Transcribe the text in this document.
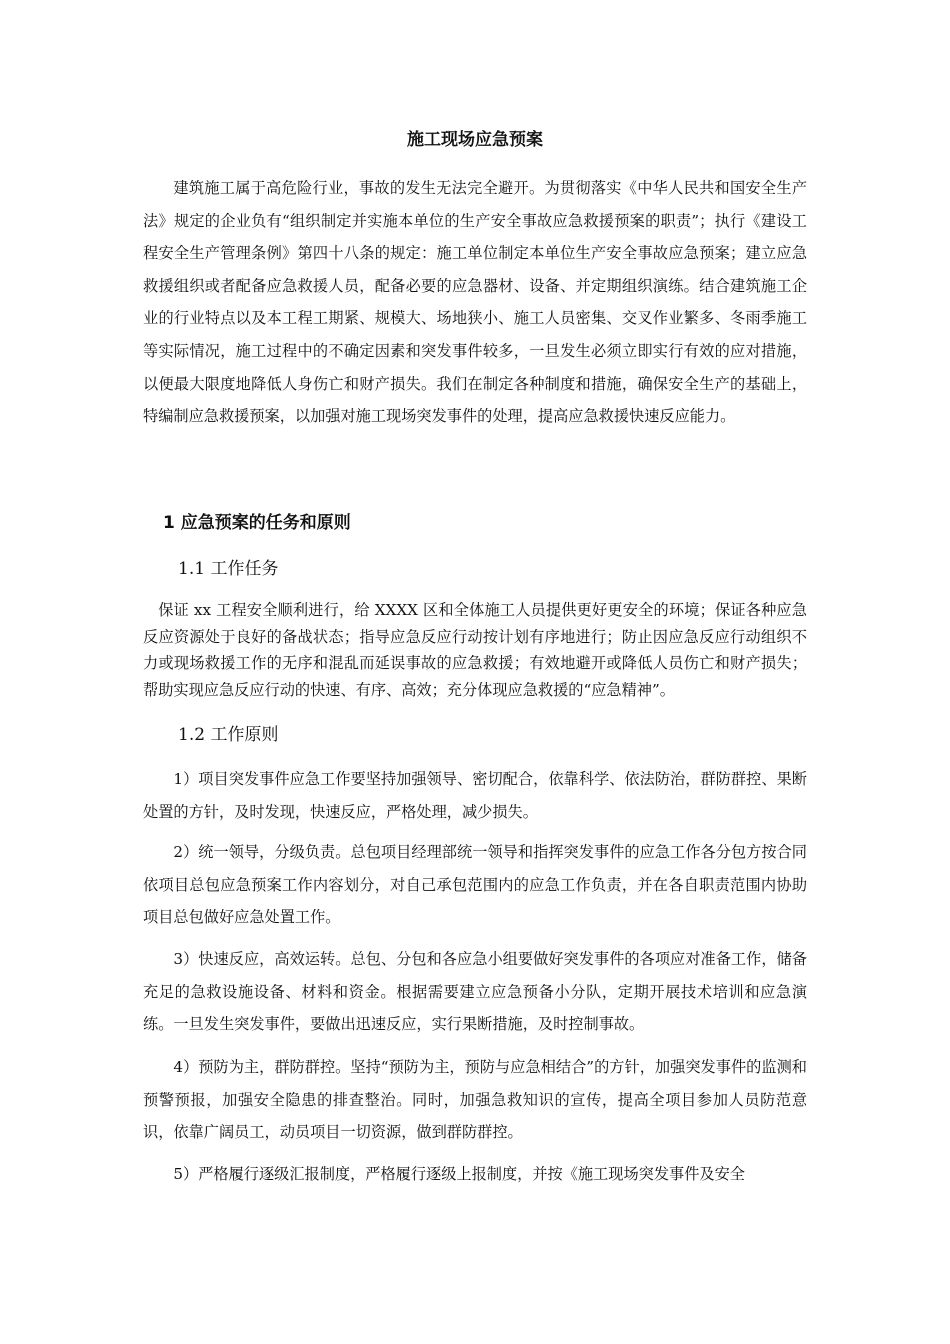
施工现场应急预案

建筑施工属于高危险行业，事故的发生无法完全避开。为贯彻落实《中华人民共和国安全生产法》规定的企业负有“组织制定并实施本单位的生产安全事故应急救援预案的职责”；执行《建设工程安全生产管理条例》第四十八条的规定：施工单位制定本单位生产安全事故应急预案；建立应急救援组织或者配备应急救援人员，配备必要的应急器材、设备、并定期组织演练。结合建筑施工企业的行业特点以及本工程工期紧、规模大、场地狭小、施工人员密集、交叉作业繁多、冬雨季施工等实际情况，施工过程中的不确定因素和突发事件较多，一旦发生必须立即实行有效的应对措施，以便最大限度地降低人身伤亡和财产损失。我们在制定各种制度和措施，确保安全生产的基础上，特编制应急救援预案，以加强对施工现场突发事件的处理，提高应急救援快速反应能力。

1 应急预案的任务和原则
1.1 工作任务

保证 xx 工程安全顺利进行，给 XXXX 区和全体施工人员提供更好更安全的环境；保证各种应急反应资源处于良好的备战状态；指导应急反应行动按计划有序地进行；防止因应急反应行动组织不力或现场救援工作的无序和混乱而延误事故的应急救援；有效地避开或降低人员伤亡和财产损失；帮助实现应急反应行动的快速、有序、高效；充分体现应急救援的“应急精神”。

1.2 工作原则

1）项目突发事件应急工作要坚持加强领导、密切配合，依靠科学、依法防治，群防群控、果断处置的方针，及时发现，快速反应，严格处理，减少损失。

2）统一领导，分级负责。总包项目经理部统一领导和指挥突发事件的应急工作各分包方按合同依项目总包应急预案工作内容划分，对自己承包范围内的应急工作负责，并在各自职责范围内协助项目总包做好应急处置工作。

3）快速反应，高效运转。总包、分包和各应急小组要做好突发事件的各项应对准备工作，储备充足的急救设施设备、材料和资金。根据需要建立应急预备小分队，定期开展技术培训和应急演练。一旦发生突发事件，要做出迅速反应，实行果断措施，及时控制事故。

4）预防为主，群防群控。坚持“预防为主，预防与应急相结合”的方针，加强突发事件的监测和预警预报，加强安全隐患的排查整治。同时，加强急救知识的宣传，提高全项目参加人员防范意识，依靠广阔员工，动员项目一切资源，做到群防群控。

5）严格履行逐级汇报制度，严格履行逐级上报制度，并按《施工现场突发事件及安全
